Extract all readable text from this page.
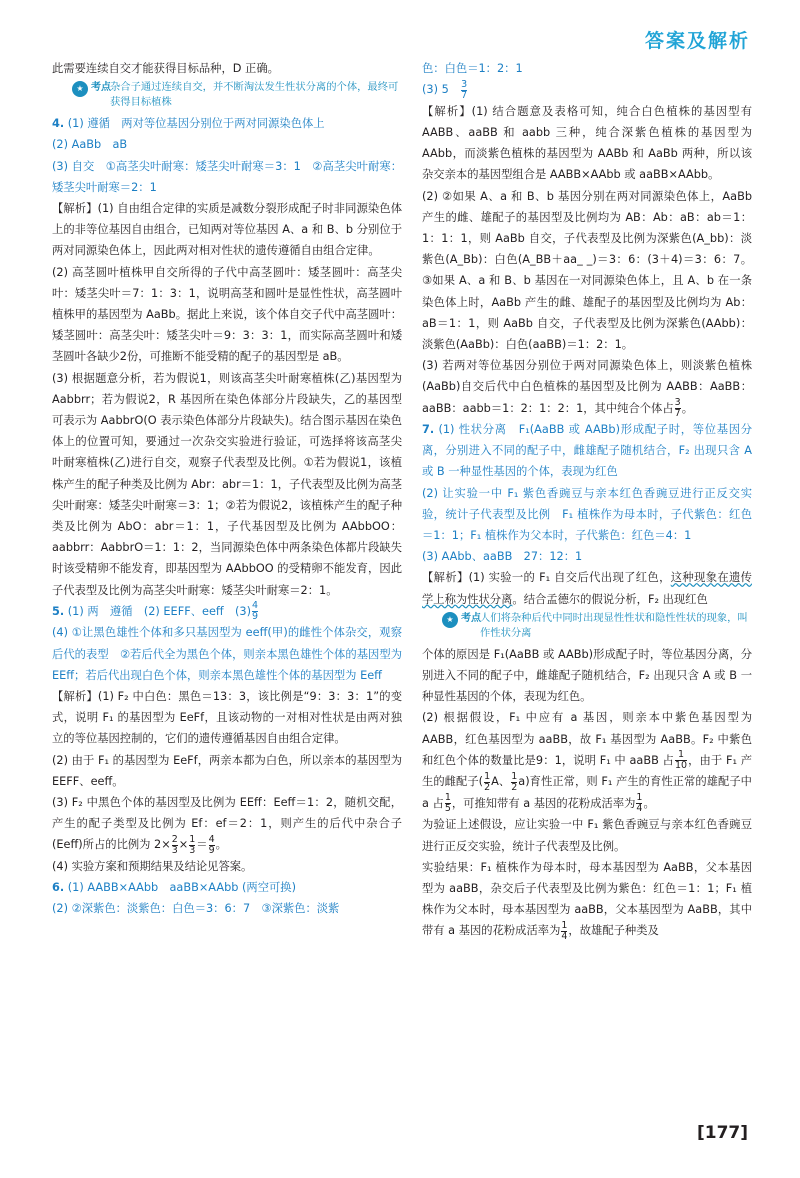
答案及解析

此需要连续自交才能获得目标品种，D 正确。

★ 考点 杂合子通过连续自交，并不断淘汰发生性状分离的个体，最终可获得目标植株

4. (1) 遵循　两对等位基因分别位于两对同源染色体上

(2) AaBb　aB

(3) 自交　①高茎尖叶耐寒：矮茎尖叶耐寒＝3：1　②高茎尖叶耐寒：矮茎尖叶耐寒＝2：1

【解析】(1) 自由组合定律的实质是减数分裂形成配子时非同源染色体上的非等位基因自由组合，已知两对等位基因 A、a 和 B、b 分别位于两对同源染色体上，因此两对相对性状的遗传遵循自由组合定律。

(2) 高茎圆叶植株甲自交所得的子代中高茎圆叶：矮茎圆叶：高茎尖叶：矮茎尖叶＝7：1：3：1，说明高茎和圆叶是显性性状，高茎圆叶植株甲的基因型为 AaBb。据此上来说，该个体自交子代中高茎圆叶：矮茎圆叶：高茎尖叶：矮茎尖叶＝9：3：3：1，而实际高茎圆叶和矮茎圆叶各缺少2份，可推断不能受精的配子的基因型是 aB。

(3) 根据题意分析，若为假说1，则该高茎尖叶耐寒植株(乙)基因型为 Aabbrr；若为假说2，R 基因所在染色体部分片段缺失，乙的基因型可表示为 AabbrO(O 表示染色体部分片段缺失)。结合图示基因在染色体上的位置可知，要通过一次杂交实验进行验证，可选择将该高茎尖叶耐寒植株(乙)进行自交，观察子代表型及比例。①若为假说1，该植株产生的配子种类及比例为 Abr：abr＝1：1，子代表型及比例为高茎尖叶耐寒：矮茎尖叶耐寒＝3：1；②若为假说2，该植株产生的配子种类及比例为 AbO：abr＝1：1，子代基因型及比例为 AAbbOO：aabbrr：AabbrO＝1：1：2，当同源染色体中两条染色体都片段缺失时该受精卵不能发育，即基因型为 AAbbOO 的受精卵不能发育，因此子代表型及比例为高茎尖叶耐寒：矮茎尖叶耐寒＝2：1。

5. (1) 两　遵循　(2) EEFF、eeff　$(3) \frac{4}{9}$

(4) ①让黑色雄性个体和多只基因型为 eeff(甲)的雌性个体杂交，观察后代的表型　②若后代全为黑色个体，则亲本黑色雄性个体的基因型为 EEff；若后代出现白色个体，则亲本黑色雄性个体的基因型为 Eeff

【解析】(1) F₂ 中白色：黑色＝13：3，该比例是“9：3：3：1”的变式，说明 F₁ 的基因型为 EeFf，且该动物的一对相对性状是由两对独立的等位基因控制的，它们的遗传遵循基因自由组合定律。

(2) 由于 F₁ 的基因型为 EeFf，两亲本都为白色，所以亲本的基因型为 EEFF、eeff。

(3) F₂ 中黑色个体的基因型及比例为 EEff：Eeff＝1：2，随机交配，产生的配子类型及比例为 Ef：ef＝2：1，则产生的后代中杂合子(Eeff)所占的比例为 $2\times \frac{2}{3} \times \frac{1}{3} = \frac{4}{9}$ 。

(4) 实验方案和预期结果及结论见答案。

6. (1) AABB×AAbb　aaBB×AAbb (两空可换)

(2) ②深紫色：淡紫色：白色＝3：6：7　③深紫色：淡紫

色：白色＝1：2：1

(3) 5　 $\frac{3}{7}$

【解析】(1) 结合题意及表格可知，纯合白色植株的基因型有 AABB、aaBB 和 aabb 三种，纯合深紫色植株的基因型为 AAbb，而淡紫色植株的基因型为 AABb 和 AaBb 两种，所以该杂交亲本的基因型组合是 AABB×AAbb 或 aaBB×AAbb。

(2) ②如果 A、a 和 B、b 基因分别在两对同源染色体上，AaBb 产生的雌、雄配子的基因型及比例均为 AB：Ab：aB：ab＝1：1：1：1，则 AaBb 自交，子代表型及比例为深紫色(A_bb)：淡紫色(A_Bb)：白色(A_BB＋aa_ _)＝3：6：(3＋4)＝3：6：7。③如果 A、a 和 B、b 基因在一对同源染色体上，且 A、b 在一条染色体上时，AaBb 产生的雌、雄配子的基因型及比例均为 Ab：aB＝1：1，则 AaBb 自交，子代表型及比例为深紫色(AAbb)：淡紫色(AaBb)：白色(aaBB)＝1：2：1。

(3) 若两对等位基因分别位于两对同源染色体上，则淡紫色植株(AaBb)自交后代中白色植株的基因型及比例为 AABB：AaBB：aaBB：aabb＝1：2：1：2：1，其中纯合个体占 $\frac{3}{7}$ 。

7. (1) 性状分离　F₁(AaBB 或 AABb)形成配子时，等位基因分离，分别进入不同的配子中，雌雄配子随机结合，F₂ 出现只含 A 或 B 一种显性基因的个体，表现为红色

(2) 让实验一中 F₁ 紫色香豌豆与亲本红色香豌豆进行正反交实验，统计子代表型及比例　F₁ 植株作为母本时，子代紫色：红色＝1：1；F₁ 植株作为父本时，子代紫色：红色＝4：1

(3) AAbb、aaBB　27：12：1

【解析】(1) 实验一的 F₁ 自交后代出现了红色，这种现象在遗传学上称为性状分离。结合孟德尔的假说分析，F₂ 出现红色

★ 考点 人们将杂种后代中同时出现显性性状和隐性性状的现象，叫作性状分离

个体的原因是 F₁(AaBB 或 AABb)形成配子时，等位基因分离，分别进入不同的配子中，雌雄配子随机结合，F₂ 出现只含 A 或 B 一种显性基因的个体，表现为红色。

(2) 根据假设，F₁ 中应有 a 基因，则亲本中紫色基因型为 AABB，红色基因型为 aaBB，故 F₁ 基因型为 AaBB。F₂ 中紫色和红色个体的数量比是9：1，说明 F₁ 中 aaBB 占 $\frac{1}{10}$ ，由于 F₁ 产生的雌配子( $\frac{1}{2}$ A、 $\frac{1}{2} a$)育性正常，则 F₁ 产生的育性正常的雄配子中 a 占 $\frac{1}{5}$ ，可推知带有 a 基因的花粉成活率为 $\frac{1}{4}$ 。

为验证上述假设，应让实验一中 F₁ 紫色香豌豆与亲本红色香豌豆进行正反交实验，统计子代表型及比例。

实验结果：F₁ 植株作为母本时，母本基因型为 AaBB，父本基因型为 aaBB，杂交后子代表型及比例为紫色：红色＝1：1；F₁ 植株作为父本时，母本基因型为 aaBB，父本基因型为 AaBB，其中带有 a 基因的花粉成活率为 $\frac{1}{4}$ ，故雄配子种类及

[177]
